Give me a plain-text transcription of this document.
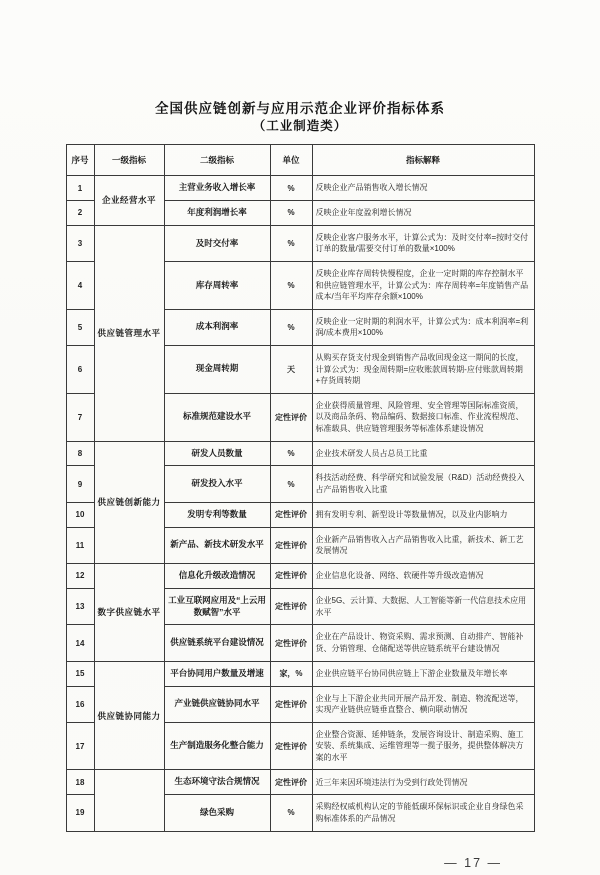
全国供应链创新与应用示范企业评价指标体系
（工业制造类）
序号	一级指标	二级指标	单位	指标解释
1	企业经营水平	主营业务收入增长率	%	反映企业产品销售收入增长情况
2		年度利润增长率	%	反映企业年度盈利增长情况
3	供应链管理水平	及时交付率	%	反映企业客户服务水平，计算公式为：及时交付率=按时交付订单的数量/需要交付订单的数量×100%
4		库存周转率	%	反映企业库存周转快慢程度，企业一定时期的库存控制水平和供应链管理水平，计算公式为：库存周转率=年度销售产品成本/当年平均库存余额×100%
5		成本利润率	%	反映企业一定时期的利润水平，计算公式为：成本利润率=利润/成本费用×100%
6		现金周转期	天	从购买存货支付现金到销售产品收回现金这一期间的长度，计算公式为：现金周转期=应收账款周转期-应付账款周转期+存货周转期
7		标准规范建设水平	定性评价	企业获得质量管理、风险管理、安全管理等国际标准资质，以及商品条码、物品编码、数据接口标准、作业流程规范、标准载具、供应链管理服务等标准体系建设情况
8	供应链创新能力	研发人员数量	%	企业技术研发人员占总员工比重
9		研发投入水平	%	科技活动经费、科学研究和试验发展（R&D）活动经费投入占产品销售收入比重
10		发明专利等数量	定性评价	拥有发明专利、新型设计等数量情况，以及业内影响力
11		新产品、新技术研发水平	定性评价	企业新产品销售收入占产品销售收入比重，新技术、新工艺发展情况
12	数字供应链水平	信息化升级改造情况	定性评价	企业信息化设备、网络、软硬件等升级改造情况
13		工业互联网应用及“上云用数赋智”水平	定性评价	企业5G、云计算、大数据、人工智能等新一代信息技术应用水平
14		供应链系统平台建设情况	定性评价	企业在产品设计、物资采购、需求预测、自动排产、智能补货、分销管理、仓储配送等供应链系统平台建设情况
15	供应链协同能力	平台协同用户数量及增速	家，%	企业供应链平台协同供应链上下游企业数量及年增长率
16		产业链供应链协同水平	定性评价	企业与上下游企业共同开展产品开发、制造、物流配送等，实现产业链供应链垂直整合、横向联动情况
17		生产制造服务化整合能力	定性评价	企业整合资源、延伸链条，发展咨询设计、制造采购、施工安装、系统集成、运维管理等一揽子服务，提供整体解决方案的水平
18		生态环境守法合规情况	定性评价	近三年来因环境违法行为受到行政处罚情况
19		绿色采购	%	采购经权威机构认定的节能低碳环保标识或企业自身绿色采购标准体系的产品情况
— 17 —
